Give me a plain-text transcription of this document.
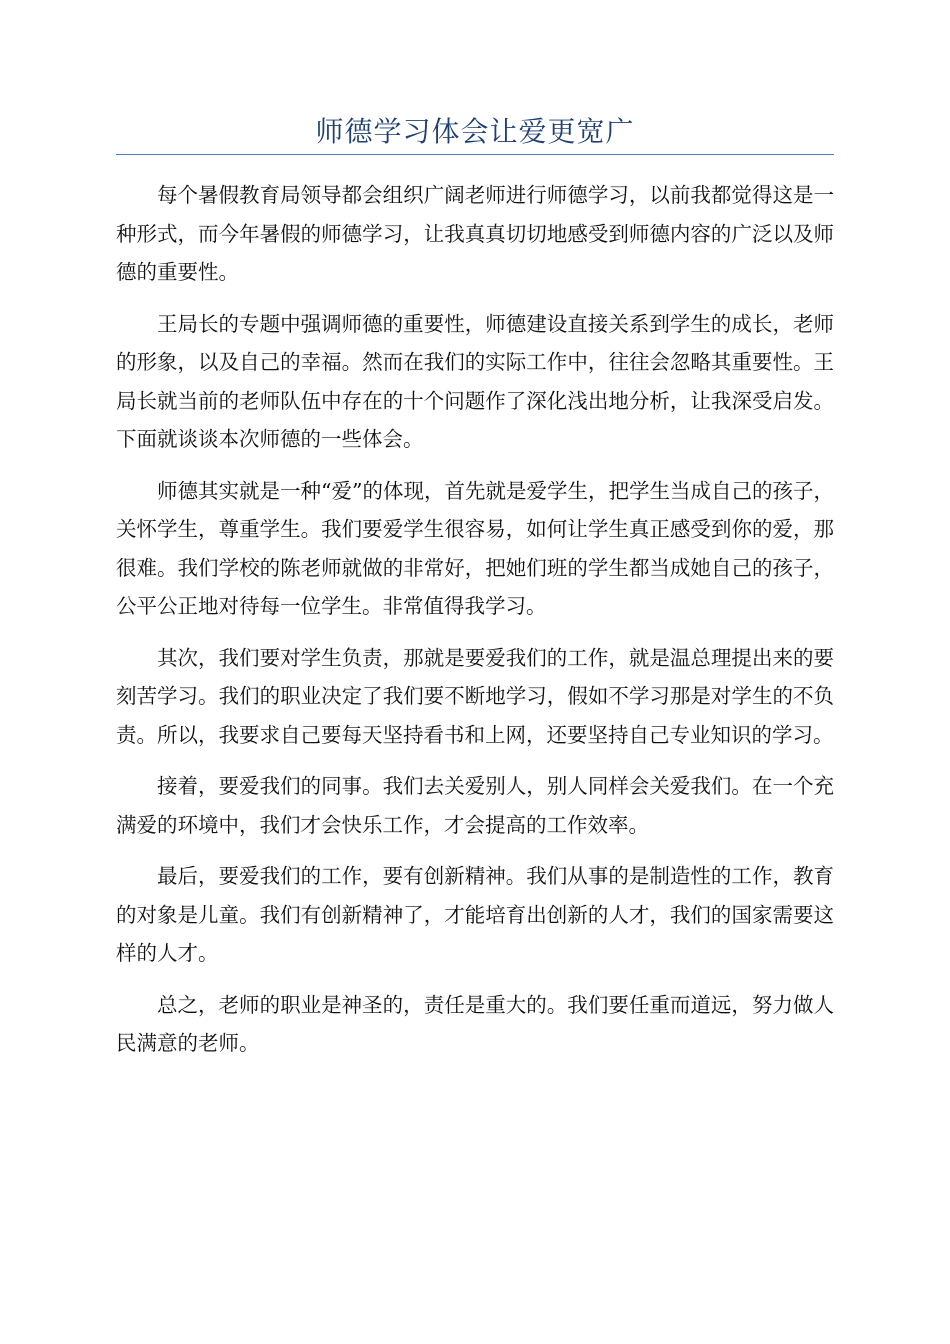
师德学习体会让爱更宽广

每个暑假教育局领导都会组织广阔老师进行师德学习，以前我都觉得这是一种形式，而今年暑假的师德学习，让我真真切切地感受到师德内容的广泛以及师德的重要性。

王局长的专题中强调师德的重要性，师德建设直接关系到学生的成长，老师的形象，以及自己的幸福。然而在我们的实际工作中，往往会忽略其重要性。王局长就当前的老师队伍中存在的十个问题作了深化浅出地分析，让我深受启发。下面就谈谈本次师德的一些体会。

师德其实就是一种“爱”的体现，首先就是爱学生，把学生当成自己的孩子，关怀学生，尊重学生。我们要爱学生很容易，如何让学生真正感受到你的爱，那很难。我们学校的陈老师就做的非常好，把她们班的学生都当成她自己的孩子，公平公正地对待每一位学生。非常值得我学习。

其次，我们要对学生负责，那就是要爱我们的工作，就是温总理提出来的要刻苦学习。我们的职业决定了我们要不断地学习，假如不学习那是对学生的不负责。所以，我要求自己要每天坚持看书和上网，还要坚持自己专业知识的学习。

接着，要爱我们的同事。我们去关爱别人，别人同样会关爱我们。在一个充满爱的环境中，我们才会快乐工作，才会提高的工作效率。

最后，要爱我们的工作，要有创新精神。我们从事的是制造性的工作，教育的对象是儿童。我们有创新精神了，才能培育出创新的人才，我们的国家需要这样的人才。

总之，老师的职业是神圣的，责任是重大的。我们要任重而道远，努力做人民满意的老师。
